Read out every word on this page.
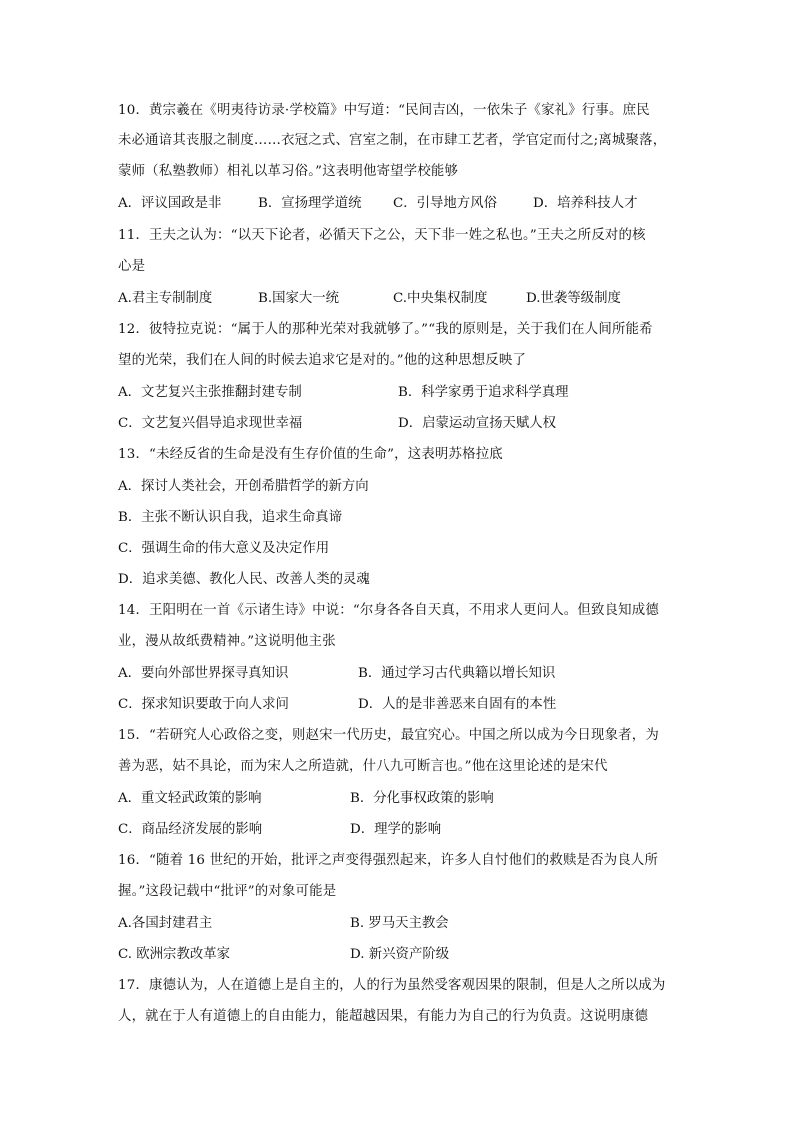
10．黄宗羲在《明夷待访录·学校篇》中写道：“民间吉凶，一依朱子《家礼》行事。庶民
未必通谙其丧服之制度……衣冠之式、宫室之制，在市肆工艺者，学官定而付之;离城聚落，
蒙师（私塾教师）相礼以革习俗。”这表明他寄望学校能够
A．评议国政是非	B．宣扬理学道统 C．引导地方风俗	D．培养科技人才
11．王夫之认为：“以天下论者，必循天下之公，天下非一姓之私也。”王夫之所反对的核
心是
A.君主专制制度	B.国家大一统	C.中央集权制度	D.世袭等级制度
12．彼特拉克说：“属于人的那种光荣对我就够了。”“我的原则是，关于我们在人间所能希
望的光荣，我们在人间的时候去追求它是对的。”他的这种思想反映了
A．文艺复兴主张推翻封建专制	B．科学家勇于追求科学真理
C．文艺复兴倡导追求现世幸福	D．启蒙运动宣扬天赋人权
13．“未经反省的生命是没有生存价值的生命”，这表明苏格拉底
A．探讨人类社会，开创希腊哲学的新方向
B．主张不断认识自我，追求生命真谛
C．强调生命的伟大意义及决定作用
D．追求美德、教化人民、改善人类的灵魂
14．王阳明在一首《示诸生诗》中说：“尔身各各自天真，不用求人更问人。但致良知成德
业，漫从故纸费精神。”这说明他主张
A．要向外部世界探寻真知识	B．通过学习古代典籍以增长知识
C．探求知识要敢于向人求问	D．人的是非善恶来自固有的本性
15．“若研究人心政俗之变，则赵宋一代历史，最宜究心。中国之所以成为今日现象者，为
善为恶，姑不具论，而为宋人之所造就，什八九可断言也。”他在这里论述的是宋代
A．重文轻武政策的影响	B．分化事权政策的影响
C．商品经济发展的影响	D．理学的影响
16．“随着 16 世纪的开始，批评之声变得强烈起来，许多人自忖他们的救赎是否为良人所
握。”这段记载中“批评”的对象可能是
A.各国封建君主	B. 罗马天主教会
C. 欧洲宗教改革家	D. 新兴资产阶级
17．康德认为，人在道德上是自主的，人的行为虽然受客观因果的限制，但是人之所以成为
人，就在于人有道德上的自由能力，能超越因果，有能力为自己的行为负责。这说明康德
